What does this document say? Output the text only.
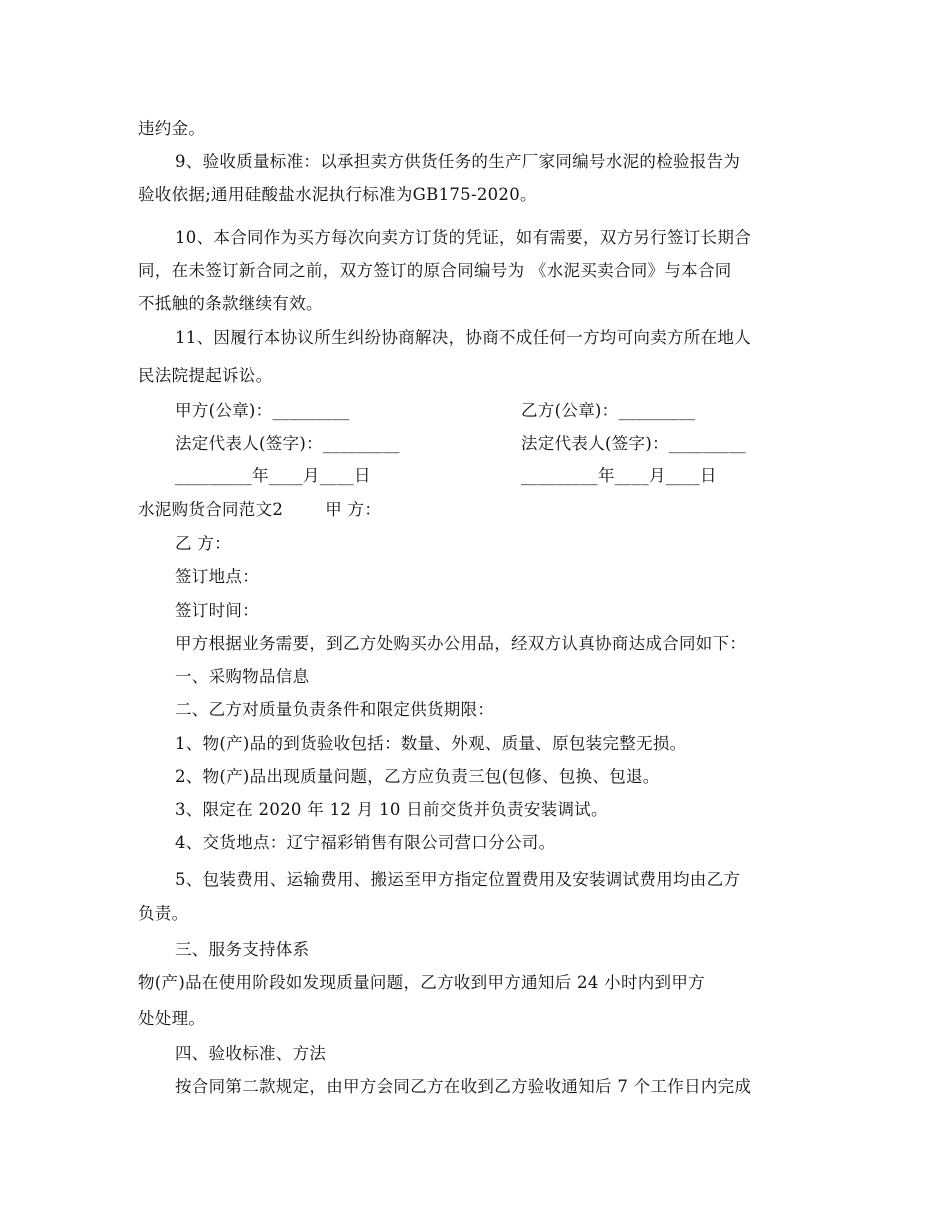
违约金。
9、验收质量标准：以承担卖方供货任务的生产厂家同编号水泥的检验报告为
验收依据;通用硅酸盐水泥执行标准为GB175-2020。
10、本合同作为买方每次向卖方订货的凭证，如有需要，双方另行签订长期合
同，在未签订新合同之前，双方签订的原合同编号为 《水泥买卖合同》与本合同
不抵触的条款继续有效。
11、因履行本协议所生纠纷协商解决，协商不成任何一方均可向卖方所在地人
民法院提起诉讼。
甲方(公章)：_________	乙方(公章)：_________
法定代表人(签字)：_________	法定代表人(签字)：_________
_________年____月____日	_________年____月____日
水泥购货合同范文2	甲 方：
乙 方：
签订地点：
签订时间：
甲方根据业务需要，到乙方处购买办公用品，经双方认真协商达成合同如下：
一、采购物品信息
二、乙方对质量负责条件和限定供货期限：
1、物(产)品的到货验收包括：数量、外观、质量、原包装完整无损。
2、物(产)品出现质量问题，乙方应负责三包(包修、包换、包退。
3、限定在 2020 年 12 月 10 日前交货并负责安装调试。
4、交货地点：辽宁福彩销售有限公司营口分公司。
5、包装费用、运输费用、搬运至甲方指定位置费用及安装调试费用均由乙方
负责。
三、服务支持体系
物(产)品在使用阶段如发现质量问题，乙方收到甲方通知后 24 小时内到甲方
处处理。
四、验收标准、方法
按合同第二款规定，由甲方会同乙方在收到乙方验收通知后 7 个工作日内完成
